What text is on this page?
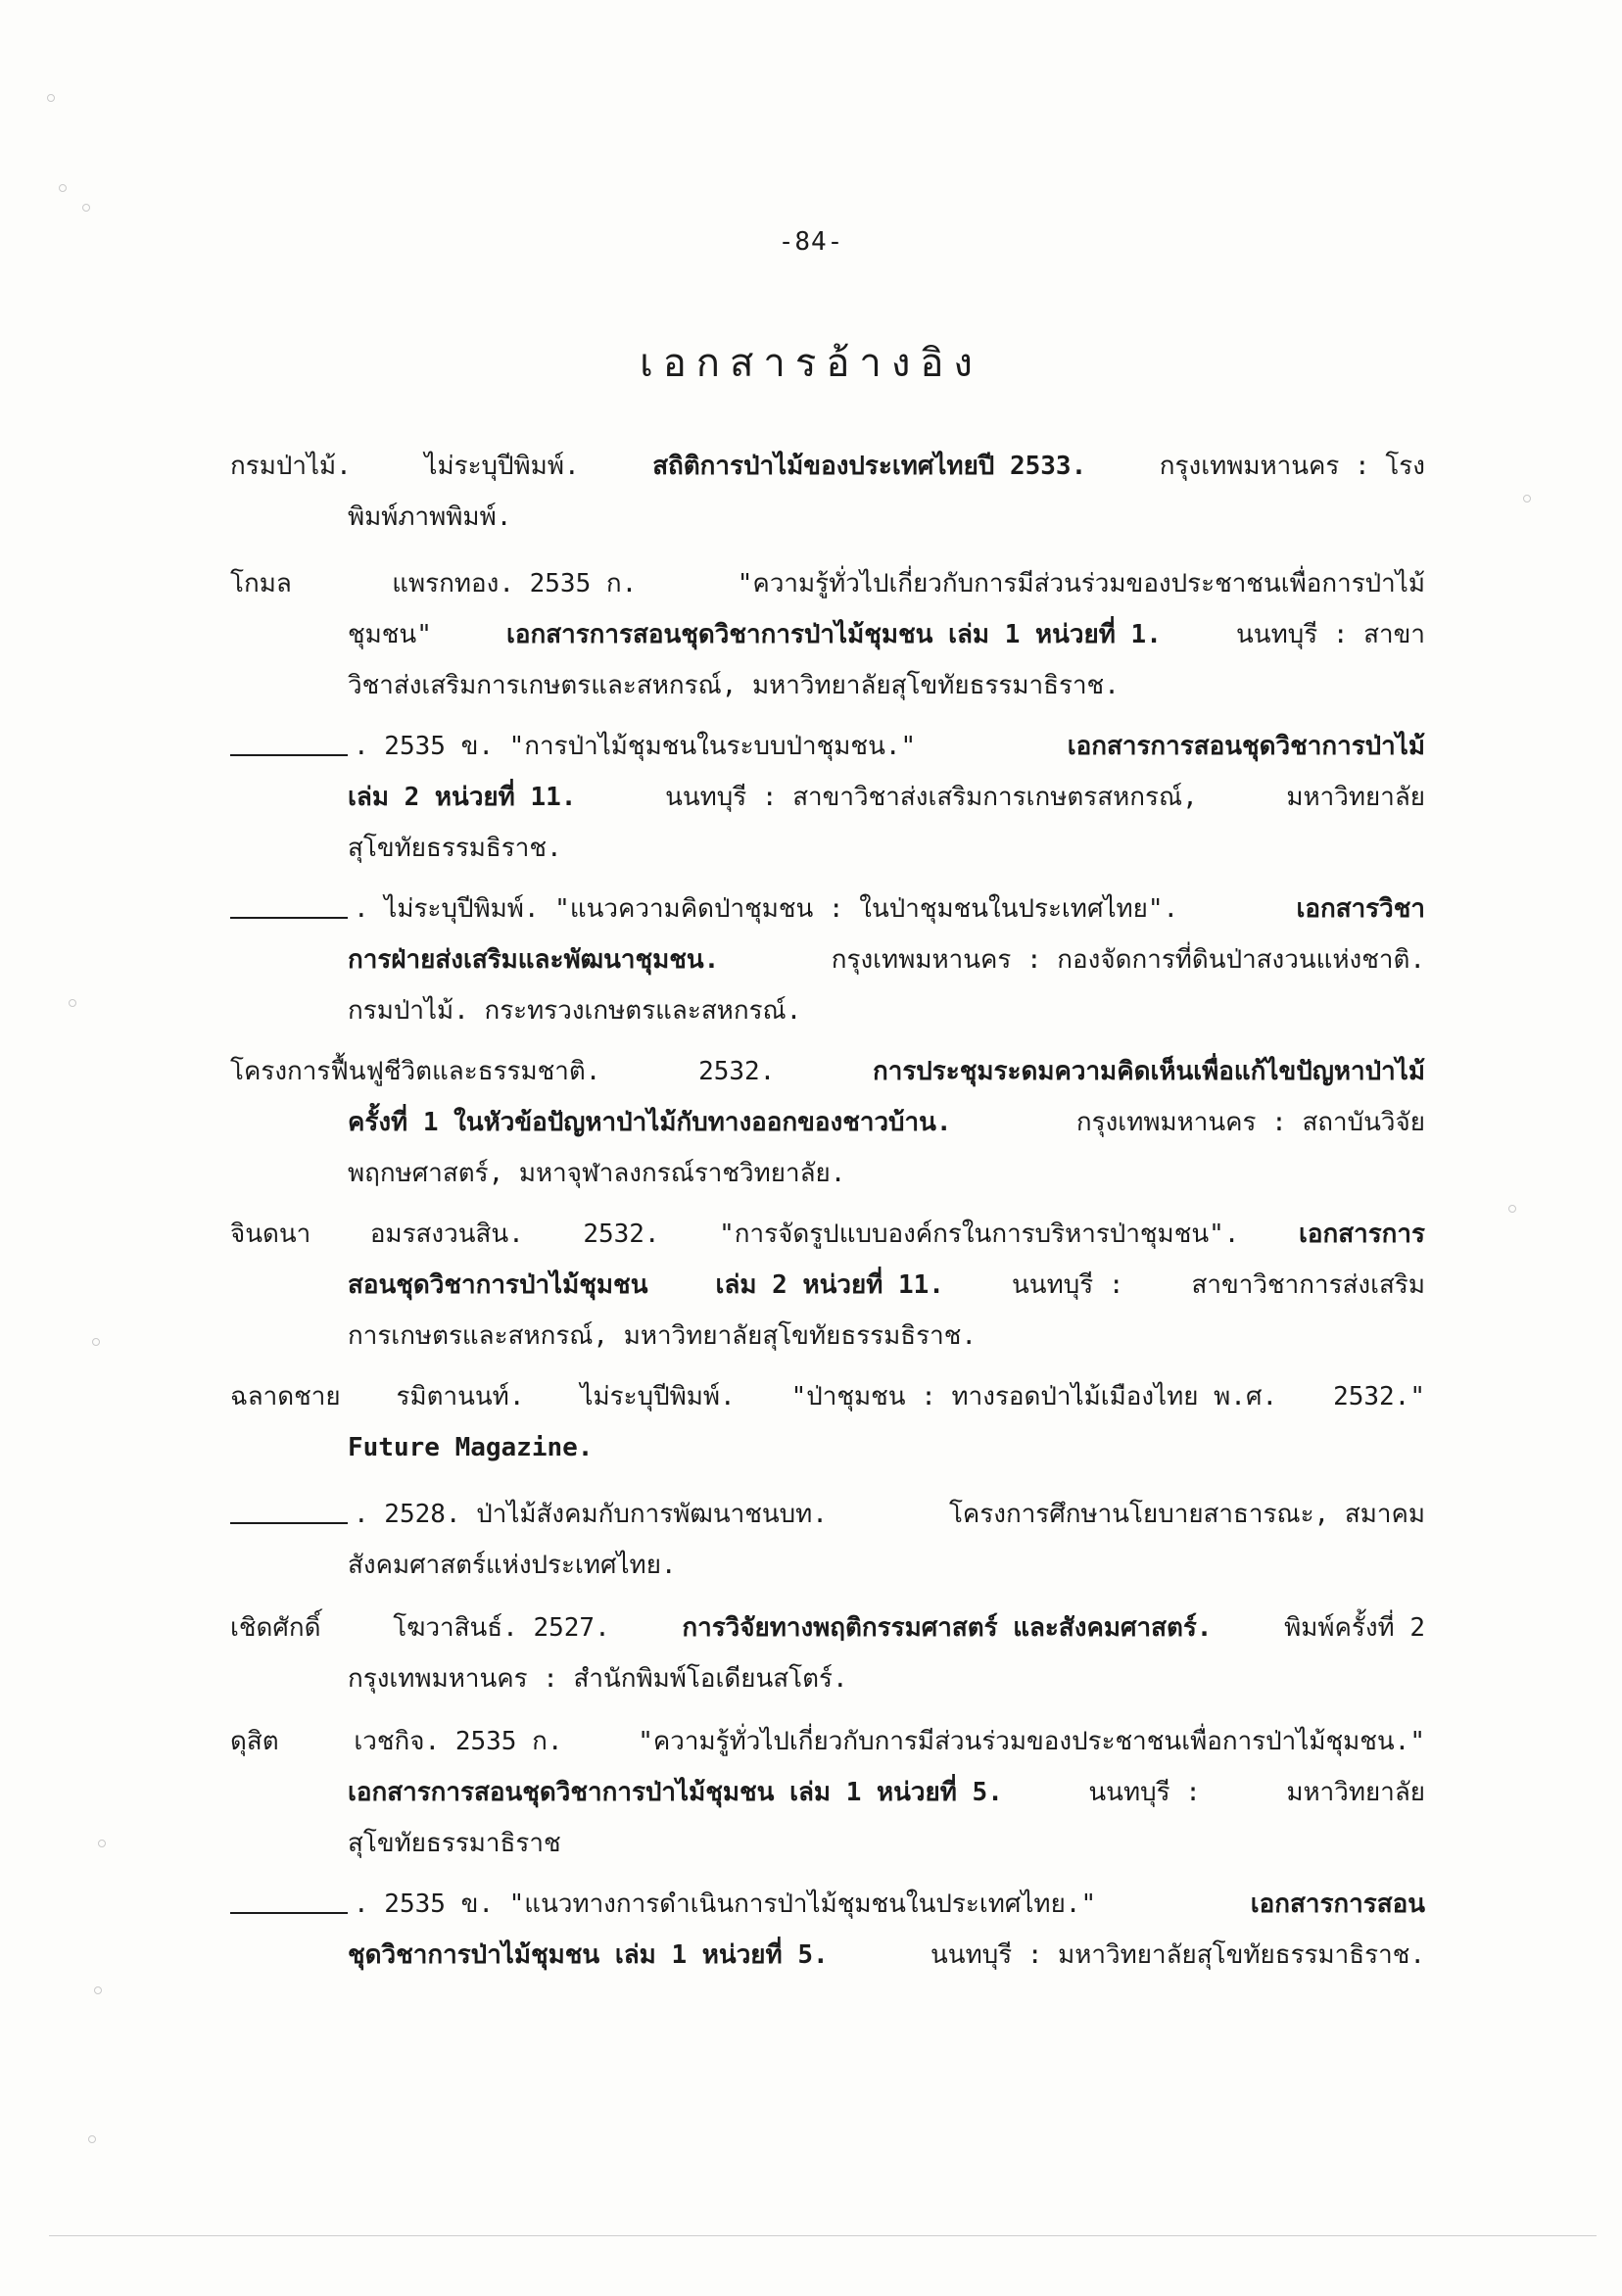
-84-
เอกสารอ้างอิง
กรมป่าไม้.	ไม่ระบุปีพิมพ์.	สถิติการป่าไม้ของประเทศไทยปี 2533.	กรุงเทพมหานคร : โรง
พิมพ์ภาพพิมพ์.
โกมล	แพรกทอง. 2535 ก.	"ความรู้ทั่วไปเกี่ยวกับการมีส่วนร่วมของประชาชนเพื่อการป่าไม้
ชุมชน"	เอกสารการสอนชุดวิชาการป่าไม้ชุมชน เล่ม 1 หน่วยที่ 1.	นนทบุรี : สาขา
วิชาส่งเสริมการเกษตรและสหกรณ์, มหาวิทยาลัยสุโขทัยธรรมาธิราช.
. 2535 ข. "การป่าไม้ชุมชนในระบบป่าชุมชน."	เอกสารการสอนชุดวิชาการป่าไม้
เล่ม 2 หน่วยที่ 11.	นนทบุรี : สาขาวิชาส่งเสริมการเกษตรสหกรณ์,	มหาวิทยาลัย
สุโขทัยธรรมธิราช.
. ไม่ระบุปีพิมพ์. "แนวความคิดป่าชุมชน : ในป่าชุมชนในประเทศไทย".	เอกสารวิชา
การฝ่ายส่งเสริมและพัฒนาชุมชน.	กรุงเทพมหานคร : กองจัดการที่ดินป่าสงวนแห่งชาติ.
กรมป่าไม้. กระทรวงเกษตรและสหกรณ์.
โครงการฟื้นฟูชีวิตและธรรมชาติ.	2532.	การประชุมระดมความคิดเห็นเพื่อแก้ไขปัญหาป่าไม้
ครั้งที่ 1 ในหัวข้อปัญหาป่าไม้กับทางออกของชาวบ้าน.	กรุงเทพมหานคร : สถาบันวิจัย
พฤกษศาสตร์, มหาจุฬาลงกรณ์ราชวิทยาลัย.
จินดนา อมรสงวนสิน. 2532. "การจัดรูปแบบองค์กรในการบริหารป่าชุมชน". เอกสารการ
สอนชุดวิชาการป่าไม้ชุมชน	เล่ม 2 หน่วยที่ 11.	นนทบุรี :	สาขาวิชาการส่งเสริม
การเกษตรและสหกรณ์, มหาวิทยาลัยสุโขทัยธรรมธิราช.
ฉลาดชาย รมิตานนท์. ไม่ระบุปีพิมพ์. "ป่าชุมชน : ทางรอดป่าไม้เมืองไทย พ.ศ. 2532."
Future Magazine.
. 2528. ป่าไม้สังคมกับการพัฒนาชนบท.	โครงการศึกษานโยบายสาธารณะ, สมาคม
สังคมศาสตร์แห่งประเทศไทย.
เชิดศักดิ์	โฆวาสินธ์. 2527.	การวิจัยทางพฤติกรรมศาสตร์ และสังคมศาสตร์.	พิมพ์ครั้งที่ 2
กรุงเทพมหานคร : สำนักพิมพ์โอเดียนสโตร์.
ดุสิต	เวชกิจ. 2535 ก.	"ความรู้ทั่วไปเกี่ยวกับการมีส่วนร่วมของประชาชนเพื่อการป่าไม้ชุมชน."
เอกสารการสอนชุดวิชาการป่าไม้ชุมชน เล่ม 1 หน่วยที่ 5.	นนทบุรี :	มหาวิทยาลัย
สุโขทัยธรรมาธิราช
. 2535 ข. "แนวทางการดำเนินการป่าไม้ชุมชนในประเทศไทย."	เอกสารการสอน
ชุดวิชาการป่าไม้ชุมชน เล่ม 1 หน่วยที่ 5.	นนทบุรี : มหาวิทยาลัยสุโขทัยธรรมาธิราช.
